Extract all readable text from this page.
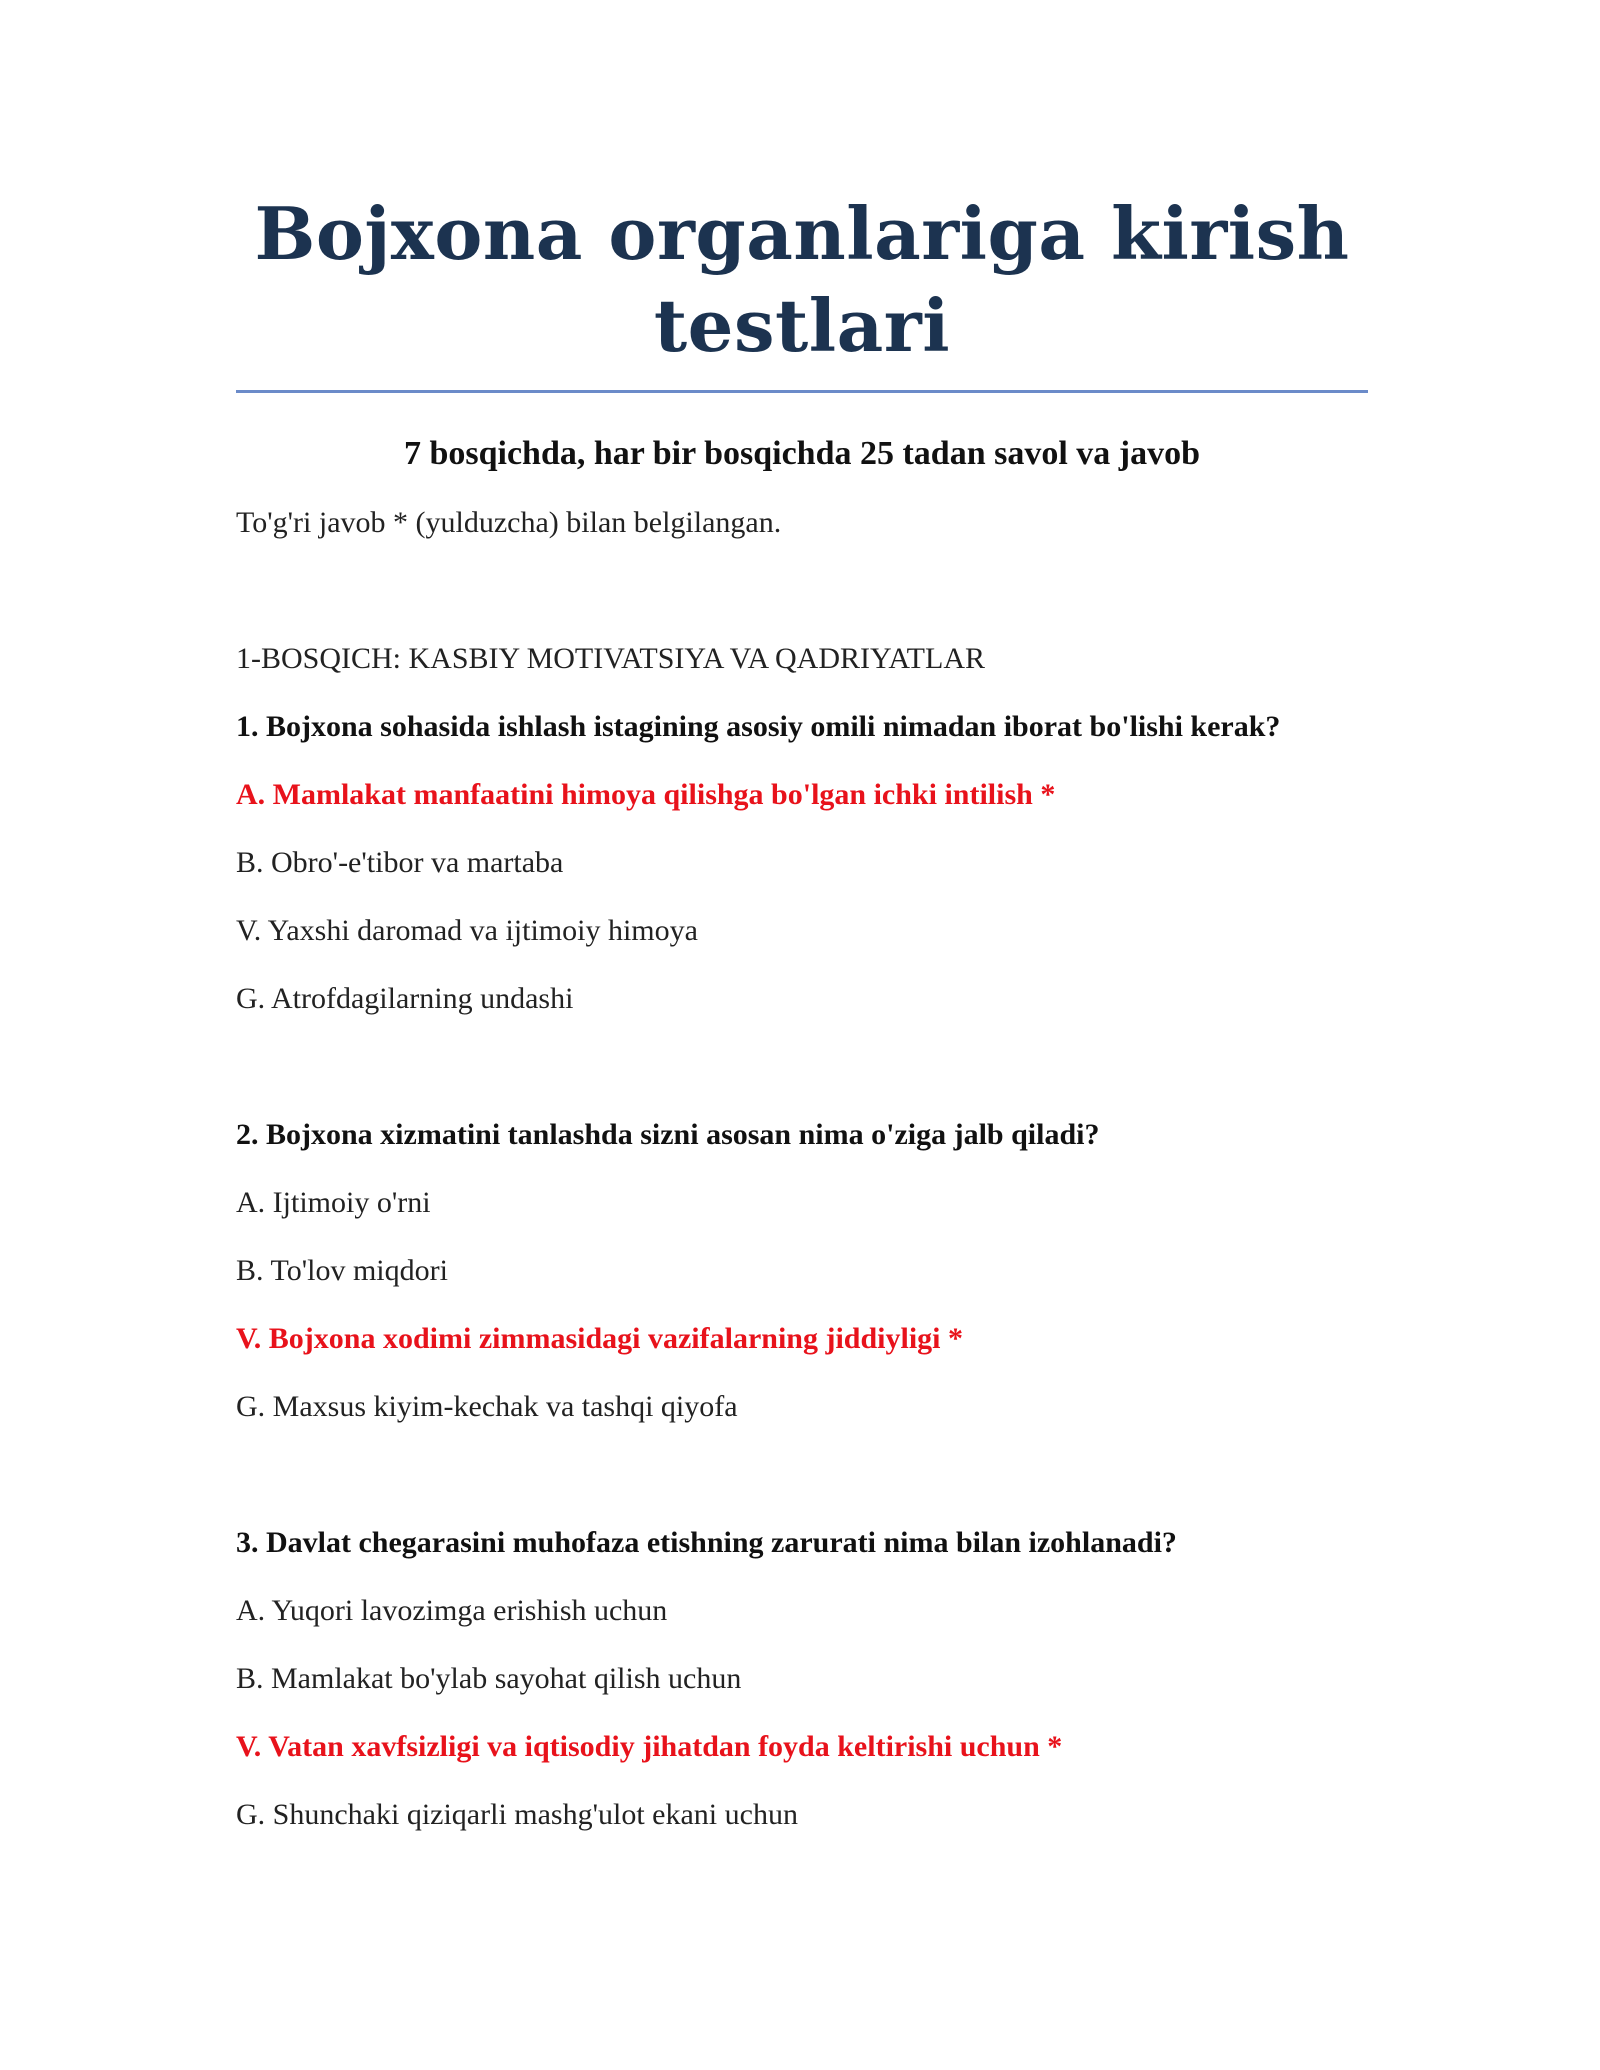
Bojxona organlariga kirish testlari
7 bosqichda, har bir bosqichda 25 tadan savol va javob

To'g'ri javob * (yulduzcha) bilan belgilangan.

1-BOSQICH: KASBIY MOTIVATSIYA VA QADRIYATLAR

1. Bojxona sohasida ishlash istagining asosiy omili nimadan iborat bo'lishi kerak?

A. Mamlakat manfaatini himoya qilishga bo'lgan ichki intilish *

B. Obro'-e'tibor va martaba

V. Yaxshi daromad va ijtimoiy himoya

G. Atrofdagilarning undashi

2. Bojxona xizmatini tanlashda sizni asosan nima o'ziga jalb qiladi?

A. Ijtimoiy o'rni

B. To'lov miqdori

V. Bojxona xodimi zimmasidagi vazifalarning jiddiyligi *

G. Maxsus kiyim-kechak va tashqi qiyofa

3. Davlat chegarasini muhofaza etishning zarurati nima bilan izohlanadi?

A. Yuqori lavozimga erishish uchun

B. Mamlakat bo'ylab sayohat qilish uchun

V. Vatan xavfsizligi va iqtisodiy jihatdan foyda keltirishi uchun *

G. Shunchaki qiziqarli mashg'ulot ekani uchun
